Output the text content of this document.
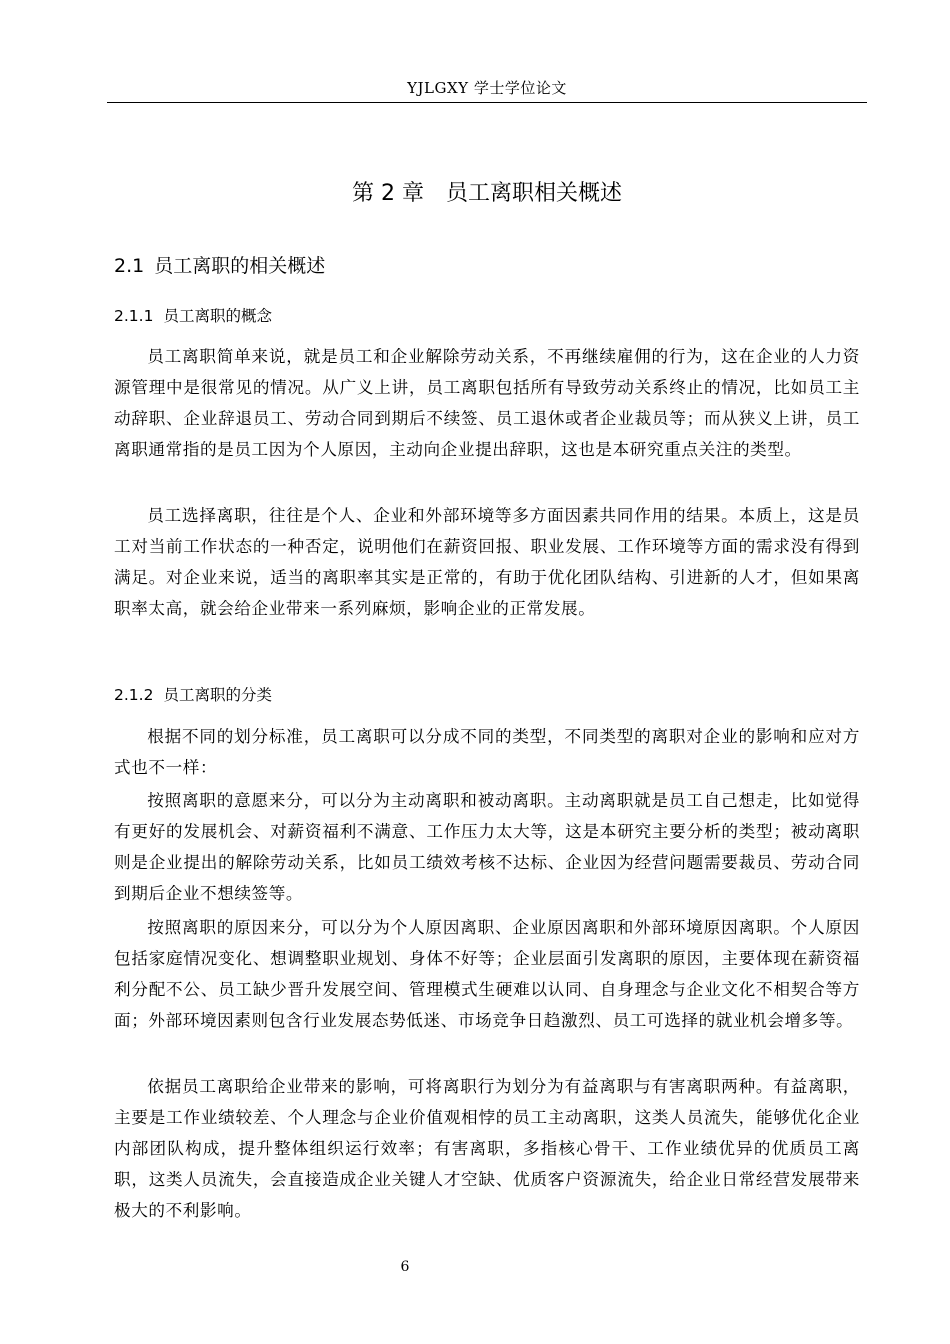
YJLGXY 学士学位论文
第 2 章 员工离职相关概述
2.1 员工离职的相关概述
2.1.1 员工离职的概念

员工离职简单来说，就是员工和企业解除劳动关系，不再继续雇佣的行为，这在企业的人力资源管理中是很常见的情况。从广义上讲，员工离职包括所有导致劳动关系终止的情况，比如员工主动辞职、企业辞退员工、劳动合同到期后不续签、员工退休或者企业裁员等；而从狭义上讲，员工离职通常指的是员工因为个人原因，主动向企业提出辞职，这也是本研究重点关注的类型。

员工选择离职，往往是个人、企业和外部环境等多方面因素共同作用的结果。本质上，这是员工对当前工作状态的一种否定，说明他们在薪资回报、职业发展、工作环境等方面的需求没有得到满足。对企业来说，适当的离职率其实是正常的，有助于优化团队结构、引进新的人才，但如果离职率太高，就会给企业带来一系列麻烦，影响企业的正常发展。

2.1.2 员工离职的分类

根据不同的划分标准，员工离职可以分成不同的类型，不同类型的离职对企业的影响和应对方式也不一样：

按照离职的意愿来分，可以分为主动离职和被动离职。主动离职就是员工自己想走，比如觉得有更好的发展机会、对薪资福利不满意、工作压力太大等，这是本研究主要分析的类型；被动离职则是企业提出的解除劳动关系，比如员工绩效考核不达标、企业因为经营问题需要裁员、劳动合同到期后企业不想续签等。

按照离职的原因来分，可以分为个人原因离职、企业原因离职和外部环境原因离职。个人原因包括家庭情况变化、想调整职业规划、身体不好等；企业层面引发离职的原因，主要体现在薪资福利分配不公、员工缺少晋升发展空间、管理模式生硬难以认同、自身理念与企业文化不相契合等方面；外部环境因素则包含行业发展态势低迷、市场竞争日趋激烈、员工可选择的就业机会增多等。

依据员工离职给企业带来的影响，可将离职行为划分为有益离职与有害离职两种。有益离职，主要是工作业绩较差、个人理念与企业价值观相悖的员工主动离职，这类人员流失，能够优化企业内部团队构成，提升整体组织运行效率；有害离职，多指核心骨干、工作业绩优异的优质员工离职，这类人员流失，会直接造成企业关键人才空缺、优质客户资源流失，给企业日常经营发展带来极大的不利影响。

6
